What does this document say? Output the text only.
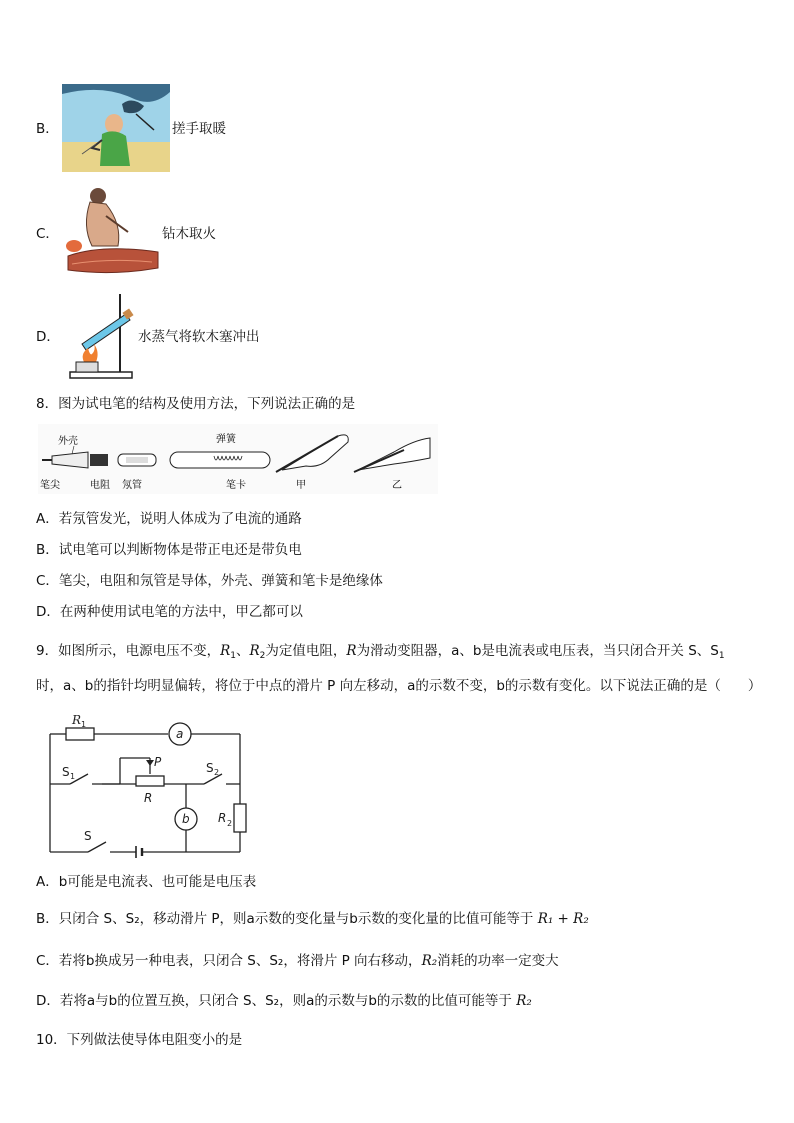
B．	搓手取暖
C．	钻木取火
D．	水蒸气将软木塞冲出
8．图为试电笔的结构及使用方法，下列说法正确的是
外壳
笔尖	电阻 氖管
弹簧
笔卡	甲	乙
A．若氖管发光，说明人体成为了电流的通路
B．试电笔可以判断物体是带正电还是带负电
C．笔尖，电阻和氖管是导体，外壳、弹簧和笔卡是绝缘体
D．在两种使用试电笔的方法中，甲乙都可以
9．如图所示，电源电压不变，$R_1$、$R_2$为定值电阻，R为滑动变阻器，a、b是电流表或电压表，当只闭合开关 S、$S_1$
时，a、b的指针均明显偏转，将位于中点的滑片 P 向左移动，a的示数不变，b的示数有变化。以下说法正确的是（　　）
R 1
a
S 1
P
R
S 2
b R 2
S
A．b可能是电流表、也可能是电压表
B．只闭合 S、S₂，移动滑片 P，则a示数的变化量与b示数的变化量的比值可能等于 R₁ + R₂
C．若将b换成另一种电表，只闭合 S、S₂，将滑片 P 向右移动，R₂消耗的功率一定变大
D．若将a与b的位置互换，只闭合 S、S₂，则a的示数与b的示数的比值可能等于 R₂
10．下列做法使导体电阻变小的是
